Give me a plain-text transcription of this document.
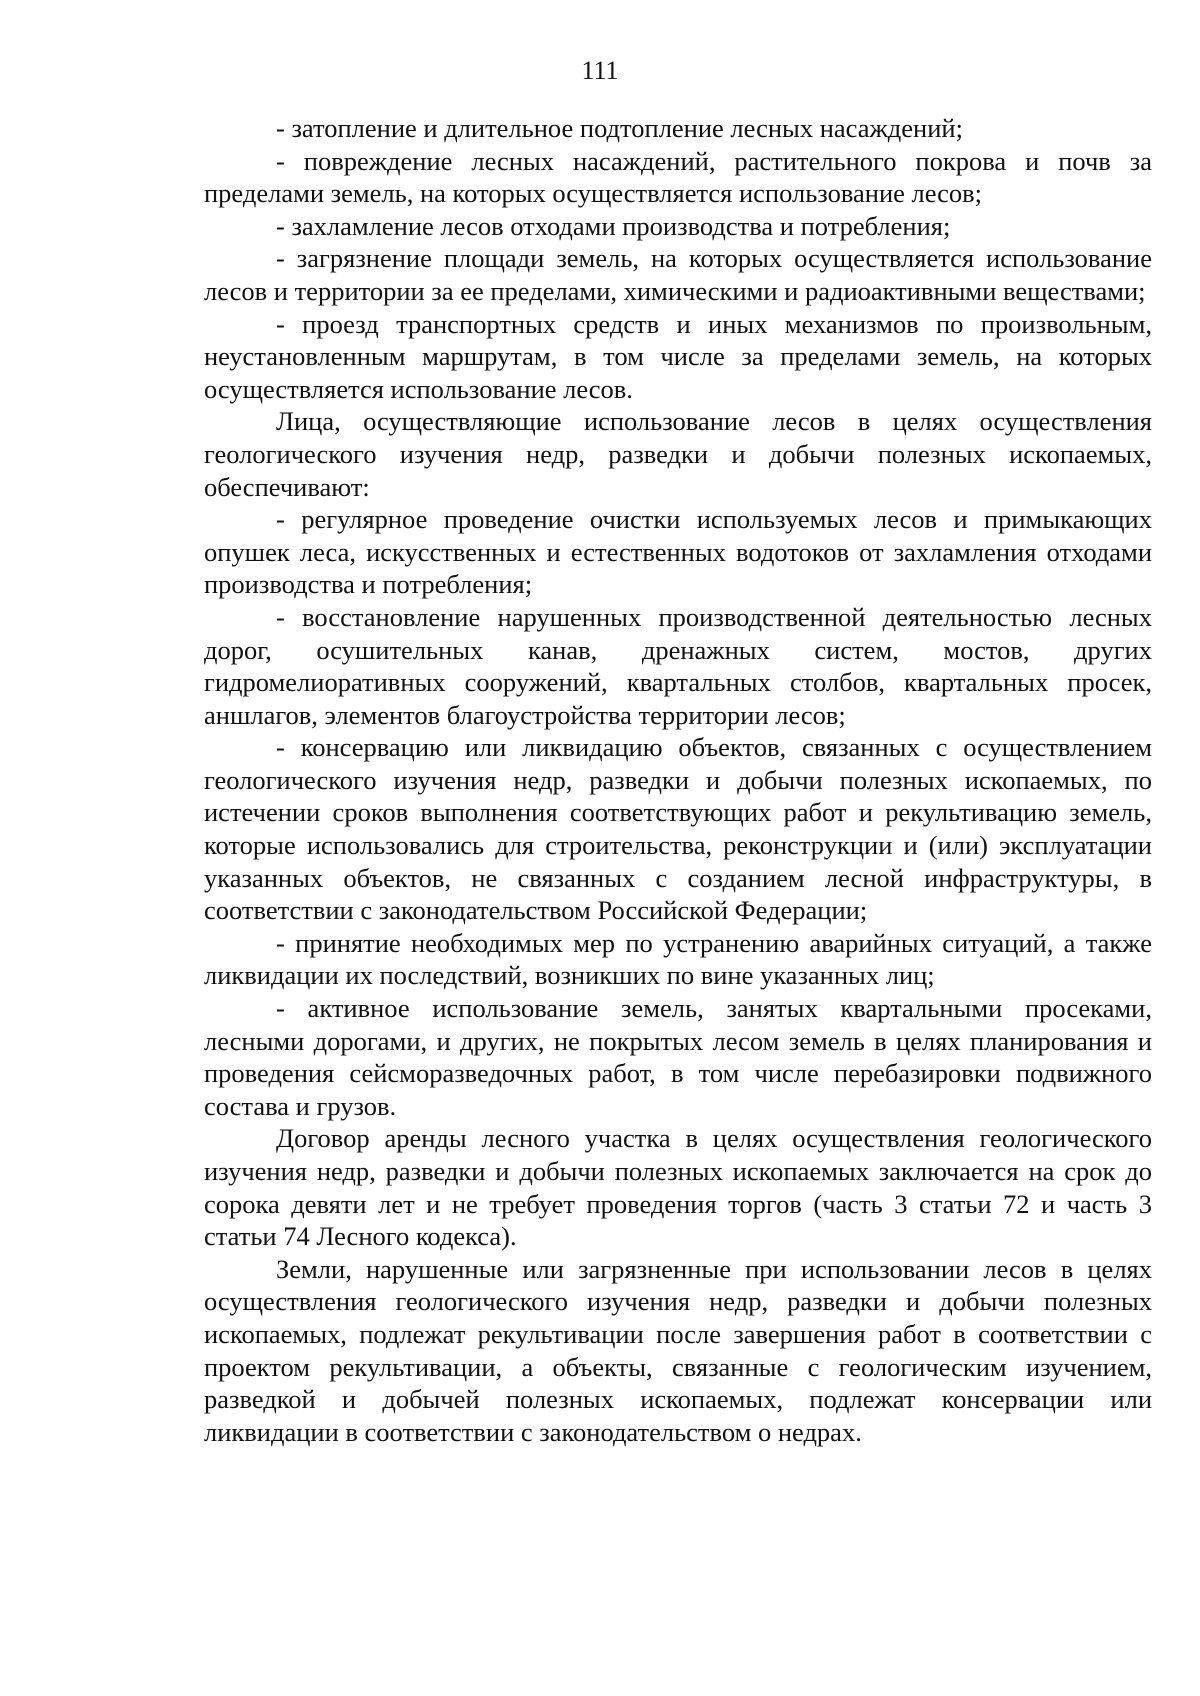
111

- затопление и длительное подтопление лесных насаждений;

- повреждение лесных насаждений, растительного покрова и почв за пределами земель, на которых осуществляется использование лесов;

- захламление лесов отходами производства и потребления;

- загрязнение площади земель, на которых осуществляется использование лесов и территории за ее пределами, химическими и радиоактивными веществами;

- проезд транспортных средств и иных механизмов по произвольным, неустановленным маршрутам, в том числе за пределами земель, на которых осуществляется использование лесов.

Лица, осуществляющие использование лесов в целях осуществления геологического изучения недр, разведки и добычи полезных ископаемых, обеспечивают:

- регулярное проведение очистки используемых лесов и примыкающих опушек леса, искусственных и естественных водотоков от захламления отходами производства и потребления;

- восстановление нарушенных производственной деятельностью лесных дорог, осушительных канав, дренажных систем, мостов, других гидромелиоративных сооружений, квартальных столбов, квартальных просек, аншлагов, элементов благоустройства территории лесов;

- консервацию или ликвидацию объектов, связанных с осуществлением геологического изучения недр, разведки и добычи полезных ископаемых, по истечении сроков выполнения соответствующих работ и рекультивацию земель, которые использовались для строительства, реконструкции и (или) эксплуатации указанных объектов, не связанных с созданием лесной инфраструктуры, в соответствии с законодательством Российской Федерации;

- принятие необходимых мер по устранению аварийных ситуаций, а также ликвидации их последствий, возникших по вине указанных лиц;

- активное использование земель, занятых квартальными просеками, лесными дорогами, и других, не покрытых лесом земель в целях планирования и проведения сейсморазведочных работ, в том числе перебазировки подвижного состава и грузов.

Договор аренды лесного участка в целях осуществления геологического изучения недр, разведки и добычи полезных ископаемых заключается на срок до сорока девяти лет и не требует проведения торгов (часть 3 статьи 72 и часть 3 статьи 74 Лесного кодекса).

Земли, нарушенные или загрязненные при использовании лесов в целях осуществления геологического изучения недр, разведки и добычи полезных ископаемых, подлежат рекультивации после завершения работ в соответствии с проектом рекультивации, а объекты, связанные с геологическим изучением, разведкой и добычей полезных ископаемых, подлежат консервации или ликвидации в соответствии с законодательством о недрах.
